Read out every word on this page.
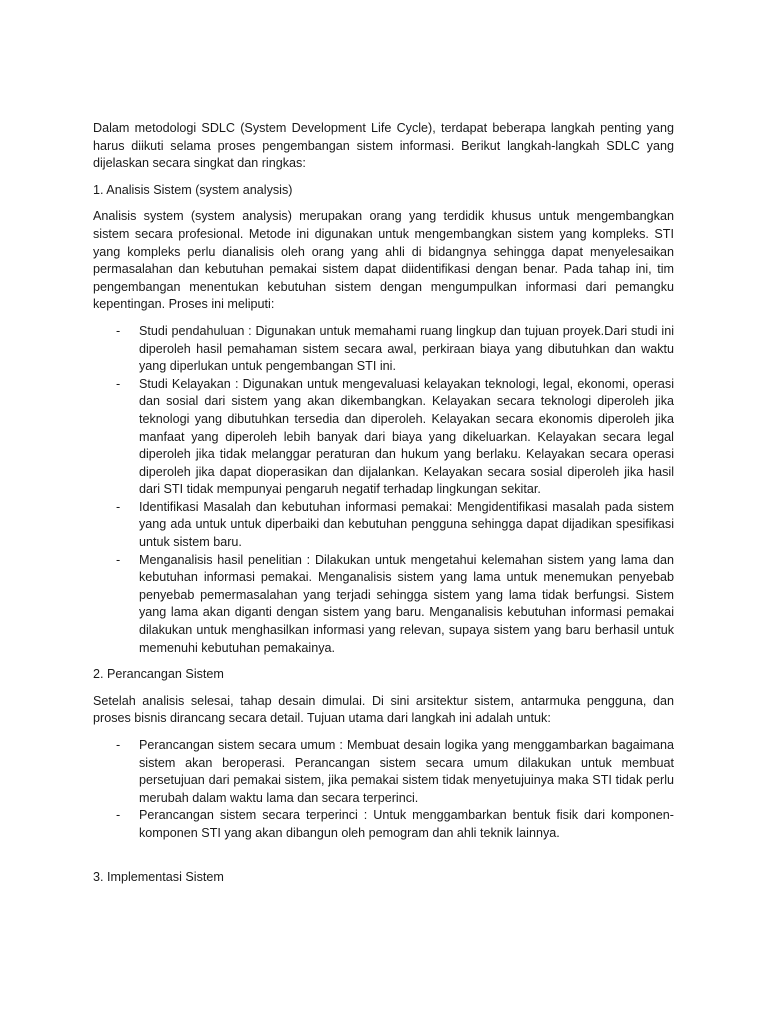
Dalam metodologi SDLC (System Development Life Cycle), terdapat beberapa langkah penting yang harus diikuti selama proses pengembangan sistem informasi. Berikut langkah-langkah SDLC yang dijelaskan secara singkat dan ringkas:

1. Analisis Sistem (system analysis)

Analisis system (system analysis) merupakan orang yang terdidik khusus untuk mengembangkan sistem secara profesional. Metode ini digunakan untuk mengembangkan sistem yang kompleks. STI yang kompleks perlu dianalisis oleh orang yang ahli di bidangnya sehingga dapat menyelesaikan permasalahan dan kebutuhan pemakai sistem dapat diidentifikasi dengan benar. Pada tahap ini, tim pengembangan menentukan kebutuhan sistem dengan mengumpulkan informasi dari pemangku kepentingan. Proses ini meliputi:

- Studi pendahuluan : Digunakan untuk memahami ruang lingkup dan tujuan proyek.Dari studi ini diperoleh hasil pemahaman sistem secara awal, perkiraan biaya yang dibutuhkan dan waktu yang diperlukan untuk pengembangan STI ini.
- Studi Kelayakan : Digunakan untuk mengevaluasi kelayakan teknologi, legal, ekonomi, operasi dan sosial dari sistem yang akan dikembangkan. Kelayakan secara teknologi diperoleh jika teknologi yang dibutuhkan tersedia dan diperoleh. Kelayakan secara ekonomis diperoleh jika manfaat yang diperoleh lebih banyak dari biaya yang dikeluarkan. Kelayakan secara legal diperoleh jika tidak melanggar peraturan dan hukum yang berlaku. Kelayakan secara operasi diperoleh jika dapat dioperasikan dan dijalankan. Kelayakan secara sosial diperoleh jika hasil dari STI tidak mempunyai pengaruh negatif terhadap lingkungan sekitar.
- Identifikasi Masalah dan kebutuhan informasi pemakai: Mengidentifikasi masalah pada sistem yang ada untuk untuk diperbaiki dan kebutuhan pengguna sehingga dapat dijadikan spesifikasi untuk sistem baru.
- Menganalisis hasil penelitian : Dilakukan untuk mengetahui kelemahan sistem yang lama dan kebutuhan informasi pemakai. Menganalisis sistem yang lama untuk menemukan penyebab penyebab pemermasalahan yang terjadi sehingga sistem yang lama tidak berfungsi. Sistem yang lama akan diganti dengan sistem yang baru. Menganalisis kebutuhan informasi pemakai dilakukan untuk menghasilkan informasi yang relevan, supaya sistem yang baru berhasil untuk memenuhi kebutuhan pemakainya.

2. Perancangan Sistem

Setelah analisis selesai, tahap desain dimulai. Di sini arsitektur sistem, antarmuka pengguna, dan proses bisnis dirancang secara detail. Tujuan utama dari langkah ini adalah untuk:

- Perancangan sistem secara umum : Membuat desain logika yang menggambarkan bagaimana sistem akan beroperasi. Perancangan sistem secara umum dilakukan untuk membuat persetujuan dari pemakai sistem, jika pemakai sistem tidak menyetujuinya maka STI tidak perlu merubah dalam waktu lama dan secara terperinci.
- Perancangan sistem secara terperinci : Untuk menggambarkan bentuk fisik dari komponen-komponen STI yang akan dibangun oleh pemogram dan ahli teknik lainnya.

3. Implementasi Sistem
